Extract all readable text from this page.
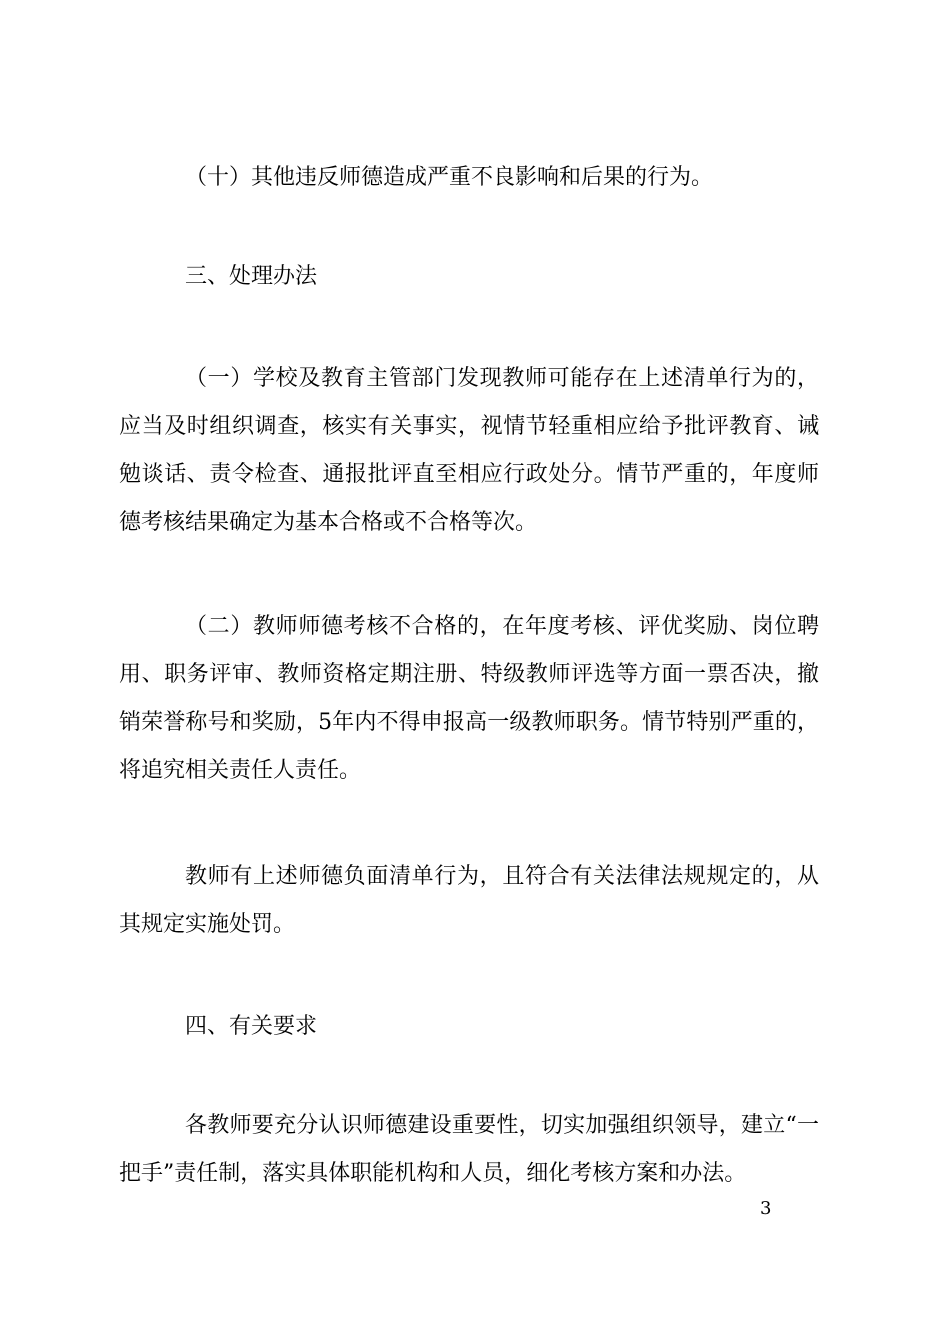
（十）其他违反师德造成严重不良影响和后果的行为。

三、处理办法

（一）学校及教育主管部门发现教师可能存在上述清单行为的，应当及时组织调查，核实有关事实，视情节轻重相应给予批评教育、诫勉谈话、责令检查、通报批评直至相应行政处分。情节严重的，年度师德考核结果确定为基本合格或不合格等次。

（二）教师师德考核不合格的，在年度考核、评优奖励、岗位聘用、职务评审、教师资格定期注册、特级教师评选等方面一票否决，撤销荣誉称号和奖励，5年内不得申报高一级教师职务。情节特别严重的，将追究相关责任人责任。

教师有上述师德负面清单行为，且符合有关法律法规规定的，从其规定实施处罚。

四、有关要求

各教师要充分认识师德建设重要性，切实加强组织领导，建立“一把手”责任制，落实具体职能机构和人员，细化考核方案和办法。

3
